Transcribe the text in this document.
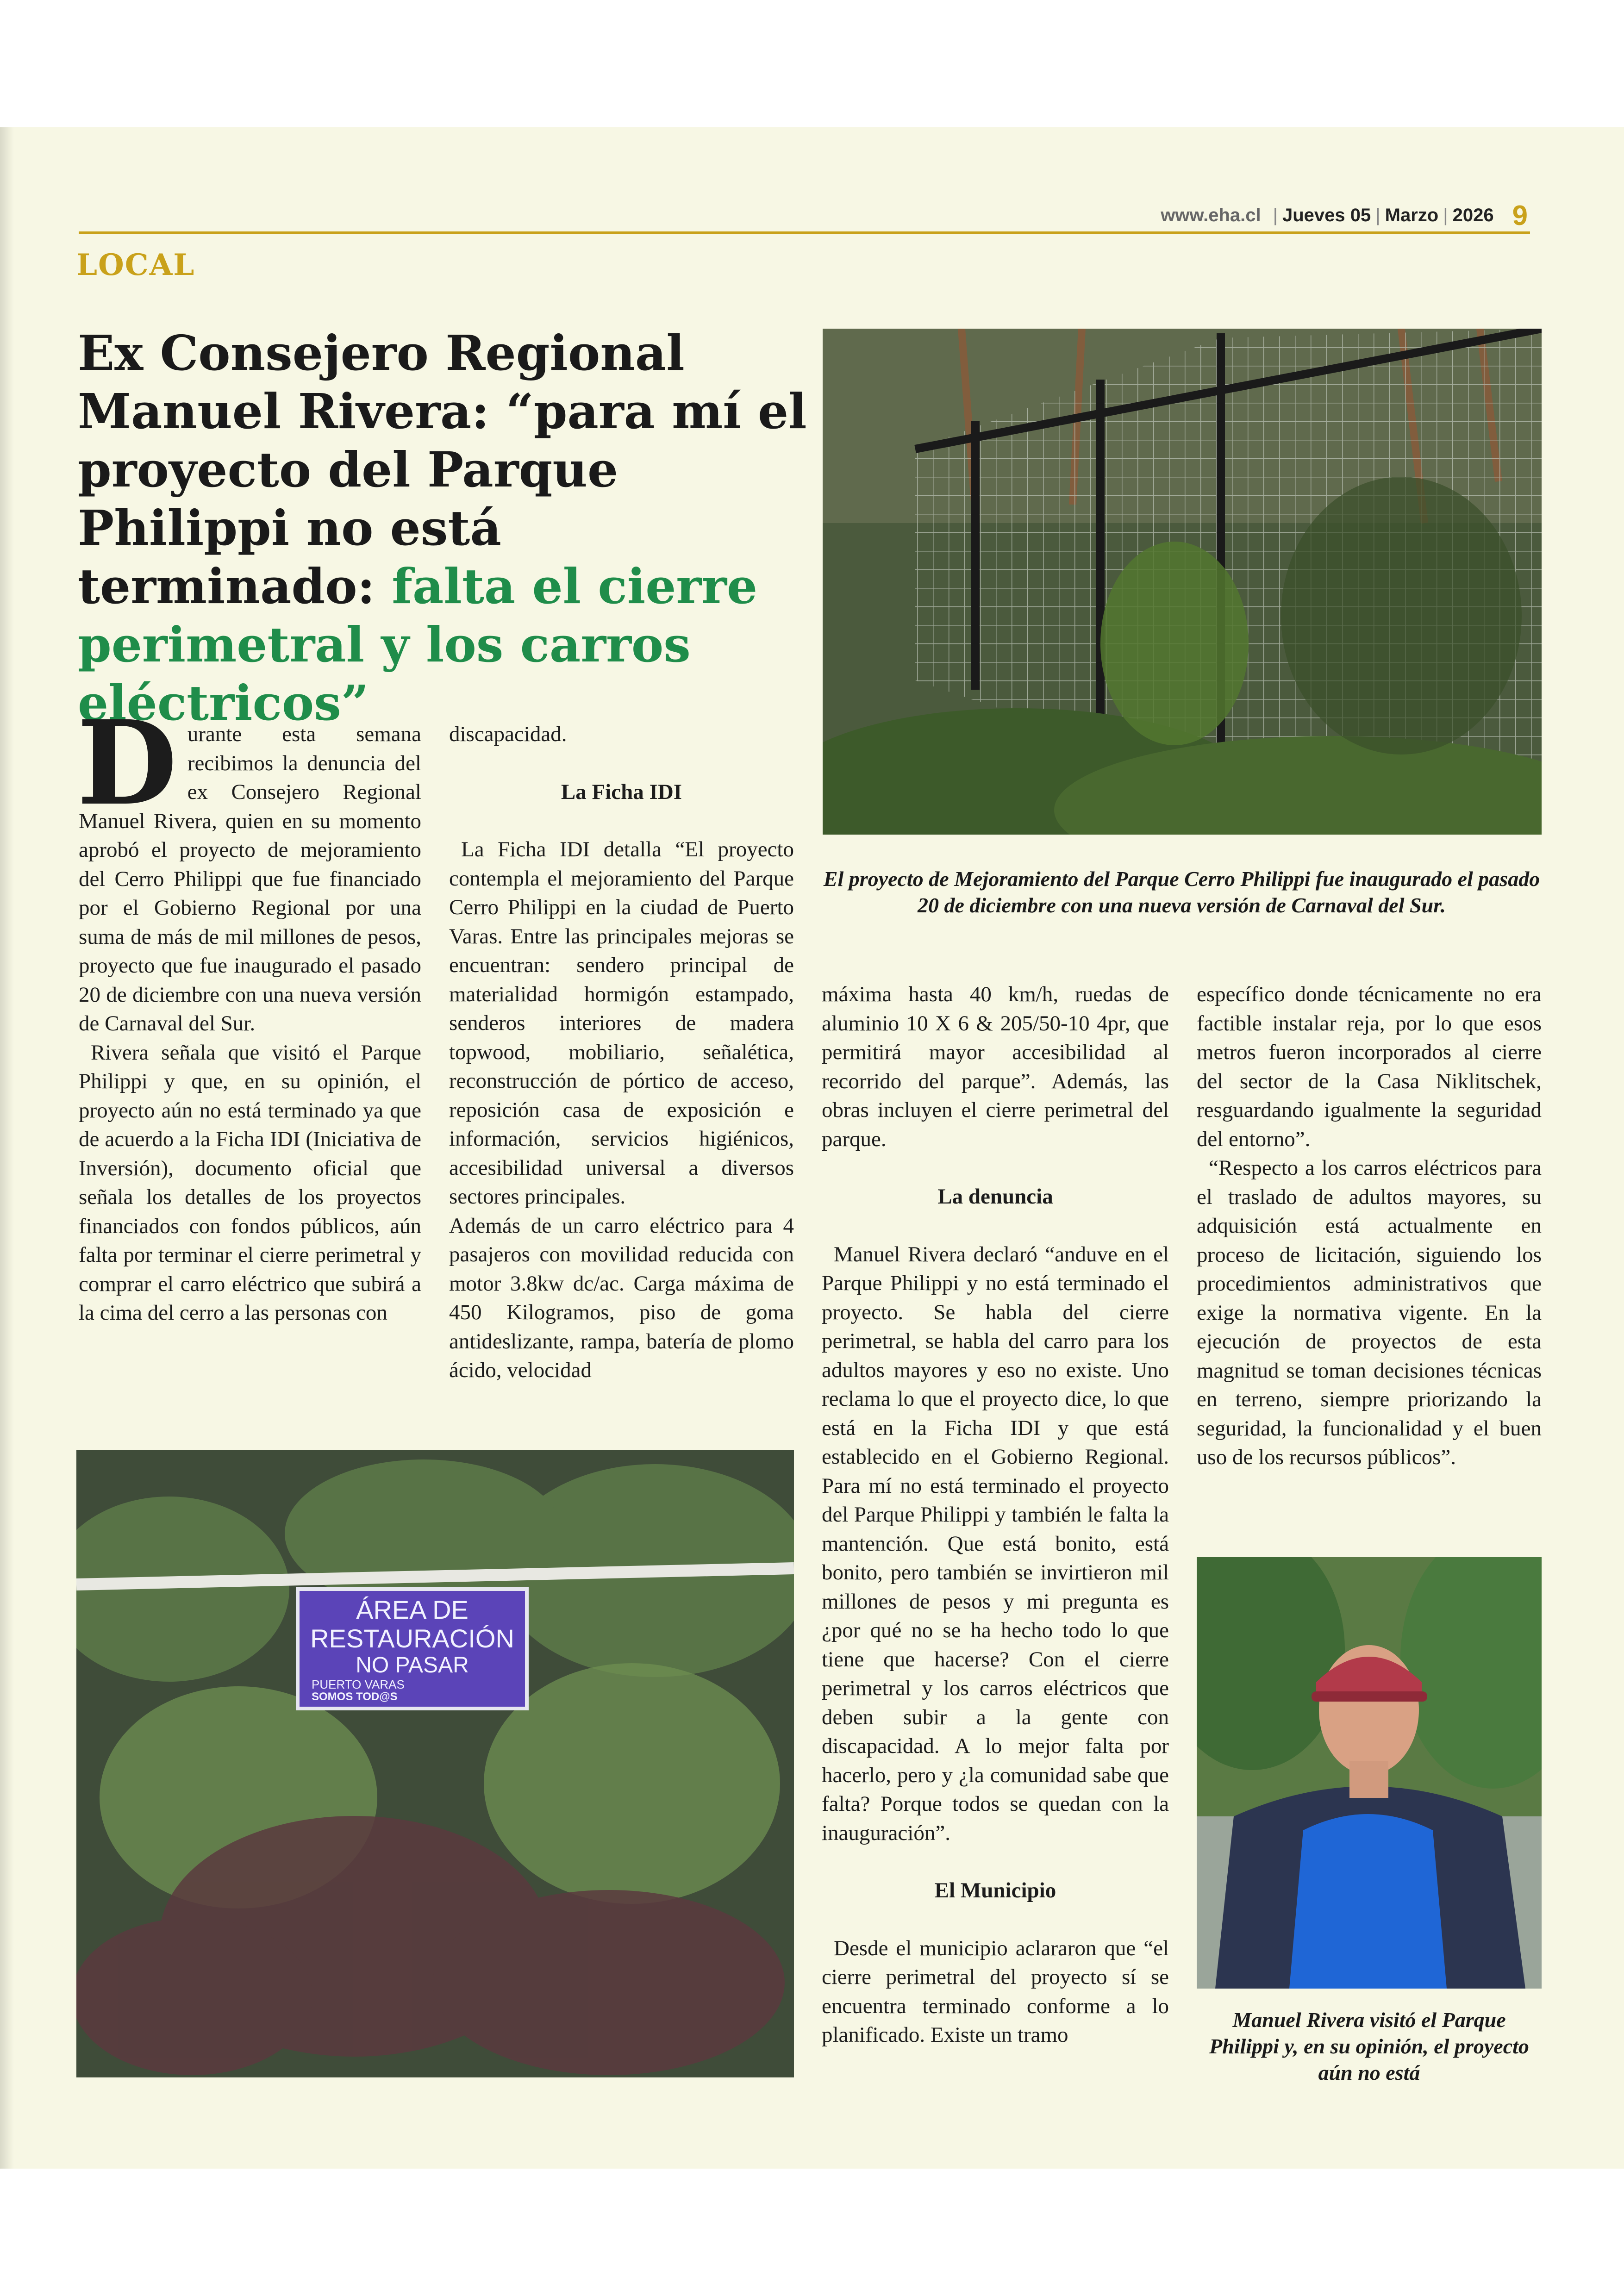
www.eha.cl | Jueves 05 | Marzo | 2026 9
LOCAL
Ex Consejero Regional Manuel Rivera: “para mí el proyecto del Parque Philippi no está terminado: falta el cierre perimetral y los carros eléctricos”
El proyecto de Mejoramiento del Parque Cerro Philippi fue inaugurado el pasado 20 de diciembre con una nueva versión de Carnaval del Sur.

Durante esta semana recibimos la denuncia del ex Consejero Regional Manuel Rivera, quien en su momento aprobó el proyecto de mejoramiento del Cerro Philippi que fue financiado por el Gobierno Regional por una suma de más de mil millones de pesos, proyecto que fue inaugurado el pasado 20 de diciembre con una nueva versión de Carnaval del Sur.

Rivera señala que visitó el Parque Philippi y que, en su opinión, el proyecto aún no está terminado ya que de acuerdo a la Ficha IDI (Iniciativa de Inversión), documento oficial que señala los detalles de los proyectos financiados con fondos públicos, aún falta por terminar el cierre perimetral y comprar el carro eléctrico que subirá a la cima del cerro a las personas con

discapacidad.

La Ficha IDI

La Ficha IDI detalla “El proyecto contempla el mejoramiento del Parque Cerro Philippi en la ciudad de Puerto Varas. Entre las principales mejoras se encuentran: sendero principal de materialidad hormigón estampado, senderos interiores de madera topwood, mobiliario, señalética, reconstrucción de pórtico de acceso, reposición casa de exposición e información, servicios higiénicos, accesibilidad universal a diversos sectores principales.

Además de un carro eléctrico para 4 pasajeros con movilidad reducida con motor 3.8kw dc/ac. Carga máxima de 450 Kilogramos, piso de goma antideslizante, rampa, batería de plomo ácido, velocidad

ÁREA DE
RESTAURACIÓN
NO PASAR
PUERTO VARAS
SOMOS TOD@S

máxima hasta 40 km/h, ruedas de aluminio 10 X 6 & 205/50-10 4pr, que permitirá mayor accesibilidad al recorrido del parque”. Además, las obras incluyen el cierre perimetral del parque.

La denuncia

Manuel Rivera declaró “anduve en el Parque Philippi y no está terminado el proyecto. Se habla del cierre perimetral, se habla del carro para los adultos mayores y eso no existe. Uno reclama lo que el proyecto dice, lo que está en la Ficha IDI y que está establecido en el Gobierno Regional. Para mí no está terminado el proyecto del Parque Philippi y también le falta la mantención. Que está bonito, está bonito, pero también se invirtieron mil millones de pesos y mi pregunta es ¿por qué no se ha hecho todo lo que tiene que hacerse? Con el cierre perimetral y los carros eléctricos que deben subir a la gente con discapacidad. A lo mejor falta por hacerlo, pero y ¿la comunidad sabe que falta? Porque todos se quedan con la inauguración”.

El Municipio

Desde el municipio aclararon que “el cierre perimetral del proyecto sí se encuentra terminado conforme a lo planificado. Existe un tramo

específico donde técnicamente no era factible instalar reja, por lo que esos metros fueron incorporados al cierre del sector de la Casa Niklitschek, resguardando igualmente la seguridad del entorno”.

“Respecto a los carros eléctricos para el traslado de adultos mayores, su adquisición está actualmente en proceso de licitación, siguiendo los procedimientos administrativos que exige la normativa vigente. En la ejecución de proyectos de esta magnitud se toman decisiones técnicas en terreno, siempre priorizando la seguridad, la funcionalidad y el buen uso de los recursos públicos”.

Manuel Rivera visitó el Parque Philippi y, en su opinión, el proyecto aún no está
